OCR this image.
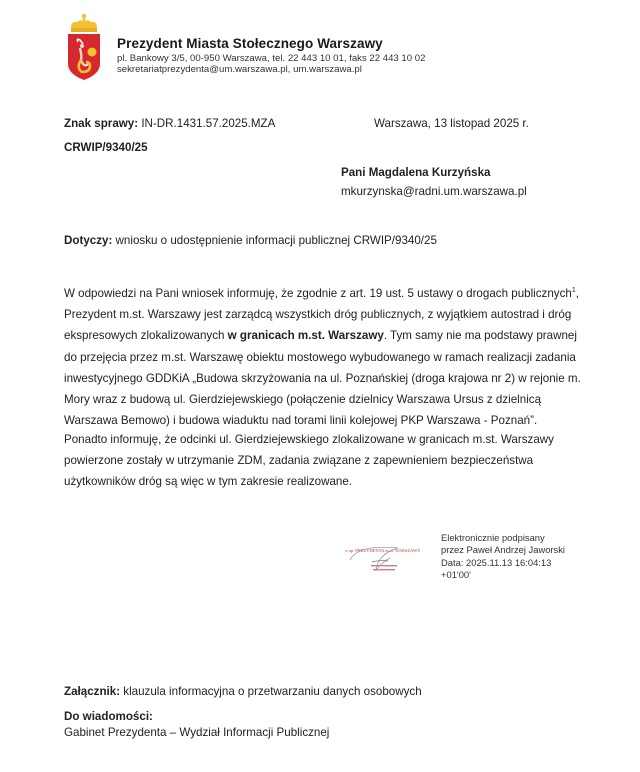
Prezydent Miasta Stołecznego Warszawy
pl. Bankowy 3/5, 00-950 Warszawa, tel. 22 443 10 01, faks 22 443 10 02
sekretariatprezydenta@um.warszawa.pl, um.warszawa.pl
Znak sprawy: IN-DR.1431.57.2025.MZA	Warszawa, 13 listopad 2025 r.
CRWIP/9340/25
Pani Magdalena Kurzyńska
mkurzynska@radni.um.warszawa.pl
Dotyczy: wniosku o udostępnienie informacji publicznej CRWIP/9340/25

W odpowiedzi na Pani wniosek informuję, że zgodnie z art. 19 ust. 5 ustawy o drogach publicznych$^1$,

Prezydent m.st. Warszawy jest zarządcą wszystkich dróg publicznych, z wyjątkiem autostrad i dróg

ekspresowych zlokalizowanych w granicach m.st. Warszawy. Tym samy nie ma podstawy prawnej

do przejęcia przez m.st. Warszawę obiektu mostowego wybudowanego w ramach realizacji zadania

inwestycyjnego GDDKiA „Budowa skrzyżowania na ul. Poznańskiej (droga krajowa nr 2) w rejonie m.

Mory wraz z budową ul. Gierdziejewskiego (połączenie dzielnicy Warszawa Ursus z dzielnicą

Warszawa Bemowo) i budowa wiaduktu nad torami linii kolejowej PKP Warszawa - Poznań”.

Ponadto informuję, że odcinki ul. Gierdziejewskiego zlokalizowane w granicach m.st. Warszawy

powierzone zostały w utrzymanie ZDM, zadania związane z zapewnieniem bezpieczeństwa

użytkowników dróg są więc w tym zakresie realizowane.

z up. PREZYDENTA m.st. WARSZAWY
Elektronicznie podpisany
przez Paweł Andrzej Jaworski
Data: 2025.11.13 16:04:13
+01'00'
Załącznik: klauzula informacyjna o przetwarzaniu danych osobowych
Do wiadomości:
Gabinet Prezydenta – Wydział Informacji Publicznej
